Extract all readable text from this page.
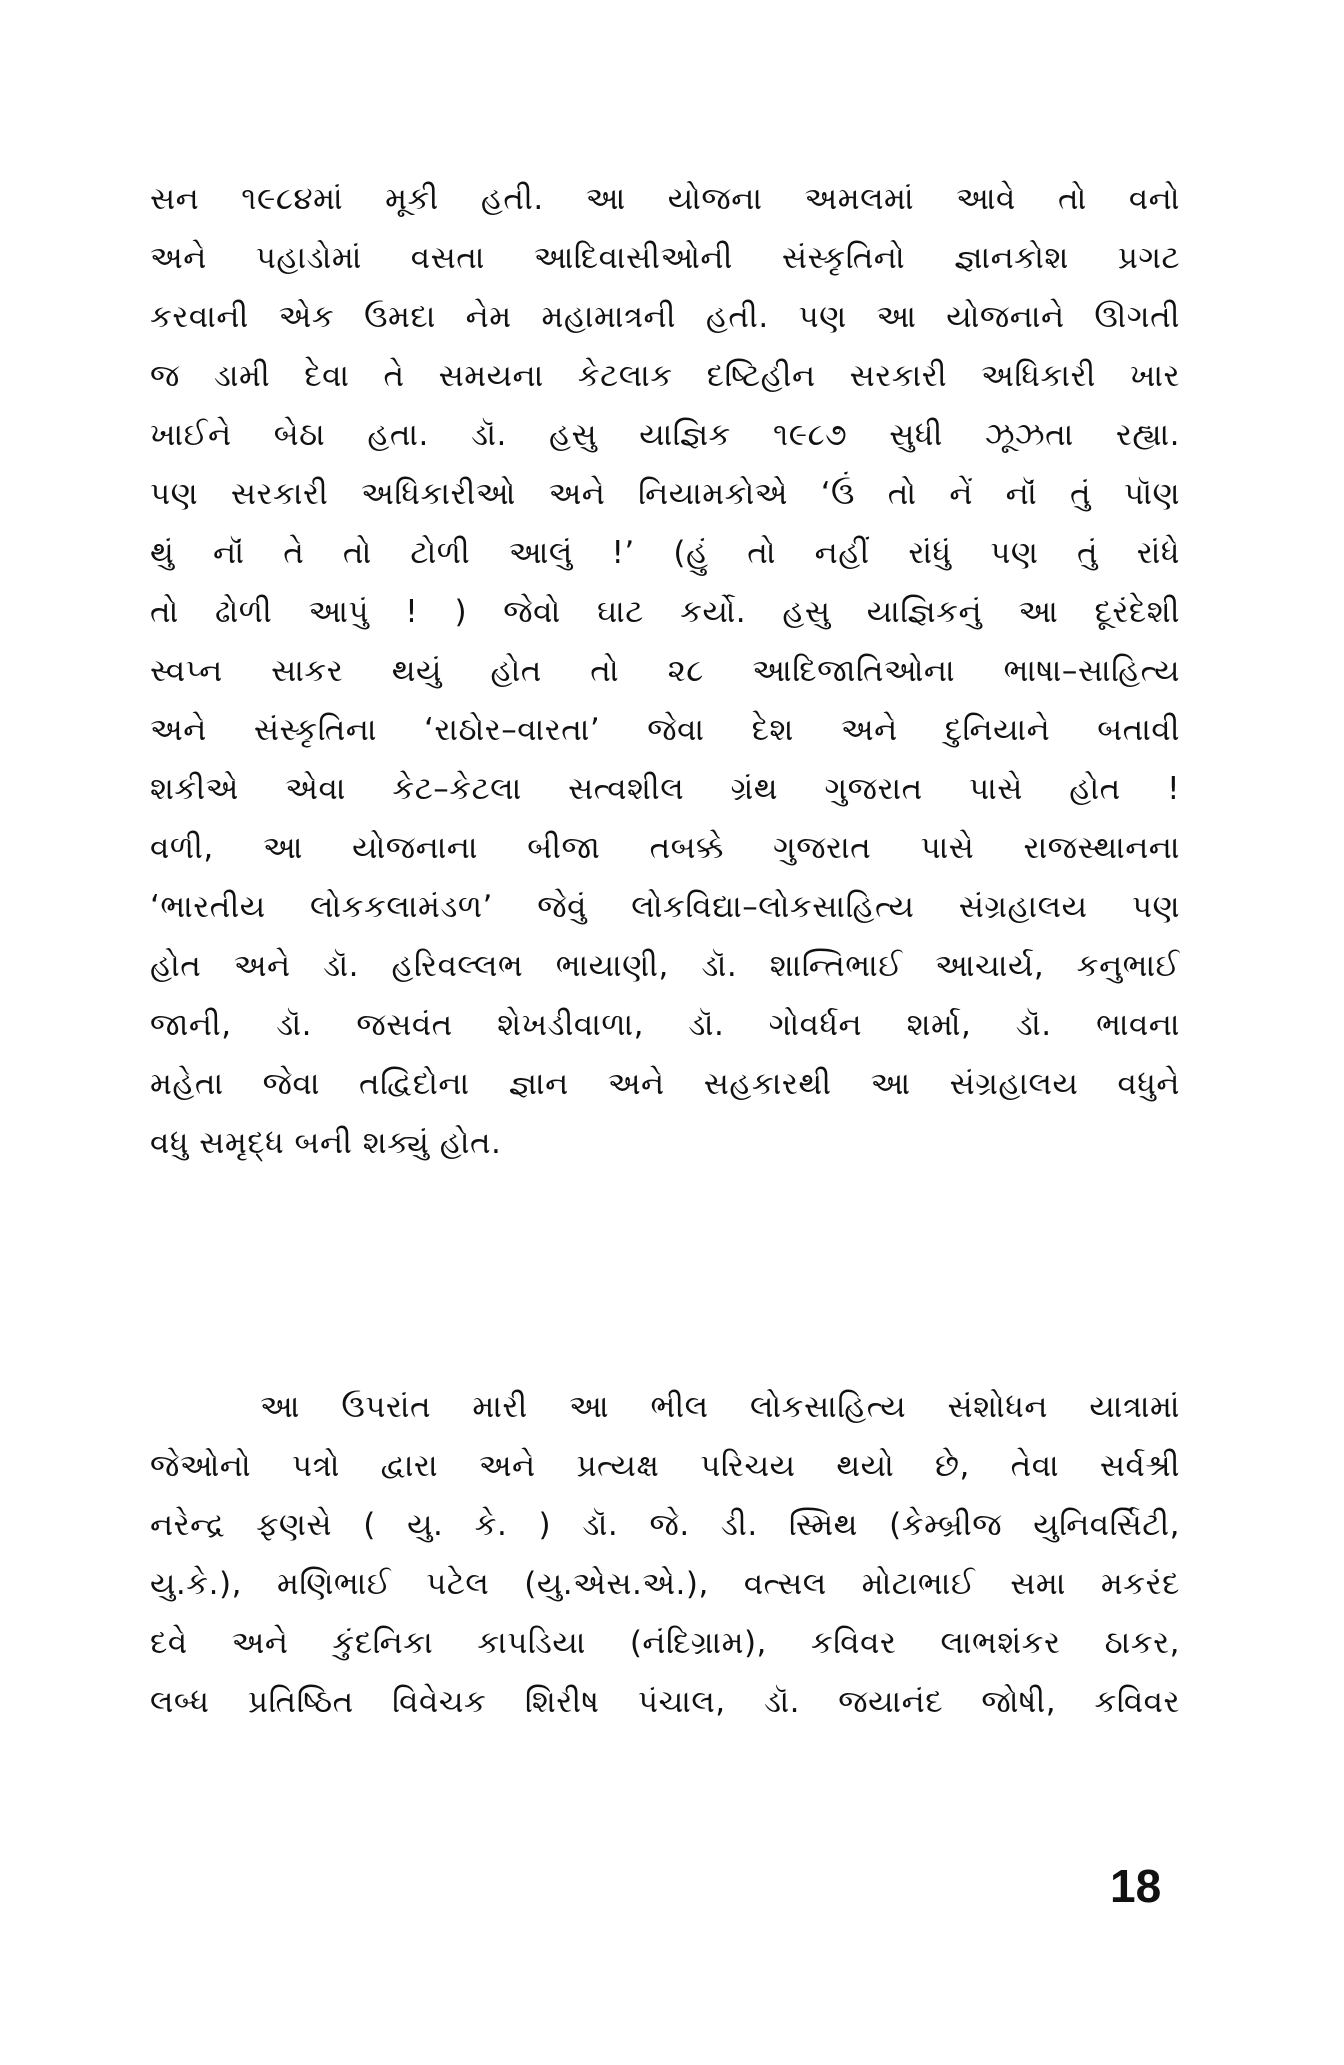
સન ૧૯૮૪માં મૂકી હતી. આ યોજના અમલમાં આવે તો વનો
અને પહાડોમાં વસતા આદિવાસીઓની સંસ્કૃતિનો જ્ઞાનકોશ પ્રગટ
કરવાની એક ઉમદા નેમ મહામાત્રની હતી. પણ આ યોજનાને ઊગતી
જ ડામી દેવા તે સમયના કેટલાક દષ્ટિહીન સરકારી અધિકારી ખાર
ખાઈને બેઠા હતા. ડૉ. હસુ યાજ્ઞિક ૧૯૮૭ સુધી ઝૂઝતા રહ્યા.
પણ સરકારી અધિકારીઓ અને નિયામકોએ ‘ઉં તો નેં નૉં તું પૉણ
થું નૉં તે તો ટોળી આલું !’ (હું તો નહીં રાંધું પણ તું રાંધે
તો ઢોળી આપું ! ) જેવો ઘાટ કર્યો. હસુ યાજ્ઞિકનું આ દૂરંદેશી
સ્વપ્ન સાકર થયું હોત તો ૨૮ આદિજાતિઓના ભાષા–સાહિત્ય
અને સંસ્કૃતિના ‘રાઠોર–વારતા’ જેવા દેશ અને દુનિયાને બતાવી
શકીએ એવા કેટ–કેટલા સત્વશીલ ગ્રંથ ગુજરાત પાસે હોત !
વળી, આ યોજનાના બીજા તબક્કે ગુજરાત પાસે રાજસ્થાનના
‘ભારતીય લોકકલામંડળ’ જેવું લોકવિદ્યા–લોકસાહિત્ય સંગ્રહાલય પણ
હોત અને ડૉ. હરિવલ્લભ ભાયાણી, ડૉ. શાન્તિભાઈ આચાર્ય, કનુભાઈ
જાની, ડૉ. જસવંત શેખડીવાળા, ડૉ. ગોવર્ધન શર્મા, ડૉ. ભાવના
મહેતા જેવા તદ્વિદોના જ્ઞાન અને સહકારથી આ સંગ્રહાલય વધુને
વધુ સમૃદ્ધ બની શક્યું હોત.
આ ઉપરાંત મારી આ ભીલ લોકસાહિત્ય સંશોધન યાત્રામાં
જેઓનો પત્રો દ્વારા અને પ્રત્યક્ષ પરિચય થયો છે, તેવા સર્વશ્રી
નરેન્દ્ર ફણસે ( યુ. કે. ) ડૉ. જે. ડી. સ્મિથ (કેમ્બ્રીજ યુનિવર્સિટી,
યુ.કે.), મણિભાઈ પટેલ (યુ.એસ.એ.), વત્સલ મોટાભાઈ સમા મકરંદ
દવે અને કુંદનિકા કાપડિયા (નંદિગ્રામ), કવિવર લાભશંકર ઠાકર,
લબ્ધ પ્રતિષ્ઠિત વિવેચક શિરીષ પંચાલ, ડૉ. જયાનંદ જોષી, કવિવર
18
